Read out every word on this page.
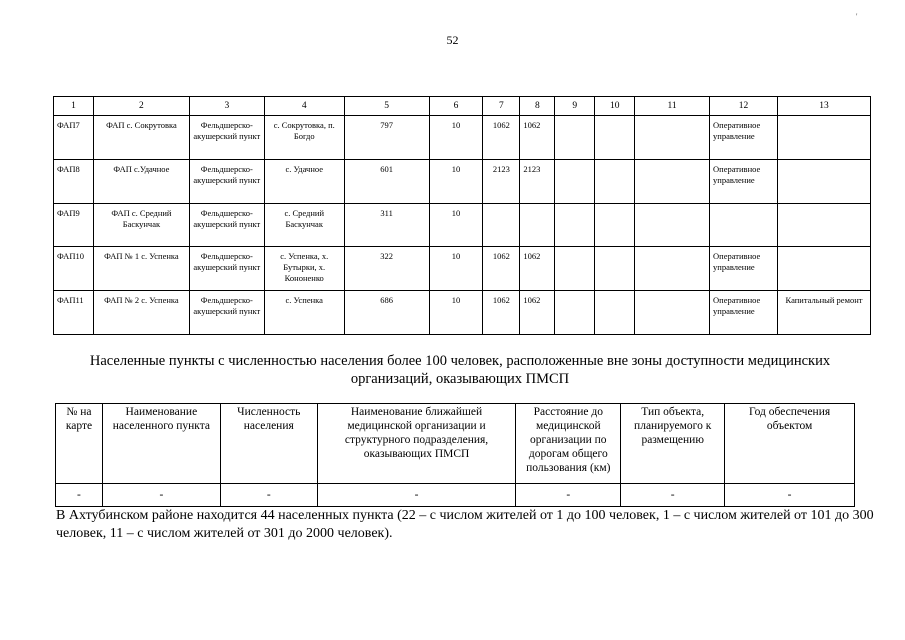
52
'
1	2	3	4	5	6	7	8	9	10	11	12	13
ФАП7	ФАП с. Сокрутовка	Фельдшерско-акушерский пункт	с. Сокрутовка, п. Богдо	797	10	1062	1062				Оперативное управление	
ФАП8	ФАП с.Удачное	Фельдшерско-акушерский пункт	с. Удачное	601	10	2123	2123				Оперативное управление	
ФАП9	ФАП с. Средний Баскунчак	Фельдшерско-акушерский пункт	с. Средний Баскунчак	311	10							
ФАП10	ФАП № 1 с. Успенка	Фельдшерско-акушерский пункт	с. Успенка, х. Бутырки, х. Кононенко	322	10	1062	1062				Оперативное управление	
ФАП11	ФАП № 2 с. Успенка	Фельдшерско-акушерский пункт	с. Успенка	686	10	1062	1062				Оперативное управление	Капитальный ремонт
Населенные пункты с численностью населения более 100 человек, расположенные вне зоны доступности медицинских организаций, оказывающих ПМСП
№ на карте	Наименование населенного пункта	Численность населения	Наименование ближайшей медицинской организации и структурного подразделения, оказывающих ПМСП	Расстояние до медицинской организации по дорогам общего пользования (км)	Тип объекта, планируемого к размещению	Год обеспечения объектом
-	-	-	-	-	-	-
В Ахтубинском районе находится 44 населенных пункта (22 – с числом жителей от 1 до 100 человек, 1 – с числом жителей от 101 до 300 человек, 11 – с числом жителей от 301 до 2000 человек).
